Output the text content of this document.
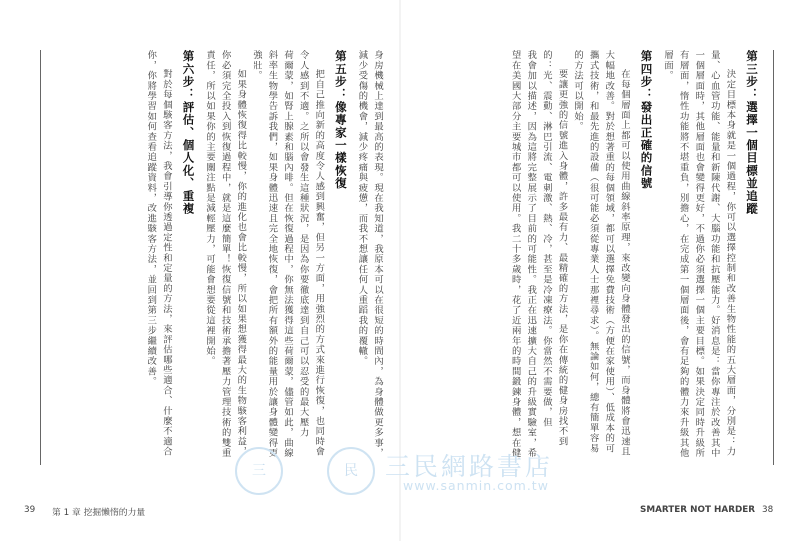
身房機械上達到最高的表現。現在我知道，我原本可以在很短的時間內，為身體做更多事，

減少受傷的機會，減少疼痛與疲憊，而我不想讓任何人重蹈我的覆轍。

第五步：像專家一樣恢復

把自己推向新的高度令人感到興奮，但另一方面，用強烈的方式來進行恢復，也同時會

令人感到不適。之所以會發生這種狀況，是因為你要徹底達到自己可以忍受的最大壓力

荷爾蒙，如腎上腺素和腦內啡。但在恢復過程中，你無法獲得這些荷爾蒙，儘管如此，曲線

斜率生物學告訴我們，如果身體迅速且完全地恢復，會把所有額外的能量用於讓身體變得更

強壯。

如果身體恢復得比較慢，你的進化也會比較慢，所以如果想獲得最大的生物駭客利益，

你必須完全投入到恢復過程中，就是這麼簡單！恢復信號和技術承擔著壓力管理技術的雙重

責任，所以如果你的主要關注點是減輕壓力，可能會想要從這裡開始。

第六步：評估、個人化、重複

對於每個駭客方法，我會引導你透過定性和定量的方法，來評估哪些適合、什麼不適合

你，你將學習如何查看追蹤資料，改進駭客方法，並回到第三步繼續改善。

39 第 1 章 挖掘懶惰的力量

第三步：選擇一個目標並追蹤

決定目標本身就是一個過程，你可以選擇控制和改善生物性能的五大層面，分別是：力

量、心血管功能、能量和新陳代謝、大腦功能和抗壓能力。好消息是：當你專注於改善其中

一個層面時，其他層面也會變得更好，不過你必須選擇一個主要目標。如果決定同時升級所

有層面，惰性功能將不堪重負，別擔心，在完成第一個層面後，會有足夠的體力來升級其他

層面。

第四步：發出正確的信號

在每個層面上都可以使用曲線斜率原理，來改變向身體發出的信號，而身體將會迅速且

大幅地改善。對於想著重的每個領域，都可以選擇免費技術（方便在家使用）、低成本的可

攜式技術，和最先進的設備（很可能必須從專業人士那裡尋求）。無論如何，總有簡單容易

的方法可以開始。

要讓更強的信號進入身體，許多最有力、最精確的方法，是你在傳統的健身房找不到

的：光、震動、淋巴引流、電刺激、熱、冷，甚至是冷凍療法。你當然不需要做，但

我會加以描述，因為這將完整展示了目前的可能性。我正在迅速擴大自己的升級實驗室，希

望在美國大部分主要城市都可以使用。我二十多歲時，花了近兩年的時間鍛鍊身體，想在健

SMARTER NOT HARDER 38
三	民	三民網路書店
www.sanmin.com.tw
